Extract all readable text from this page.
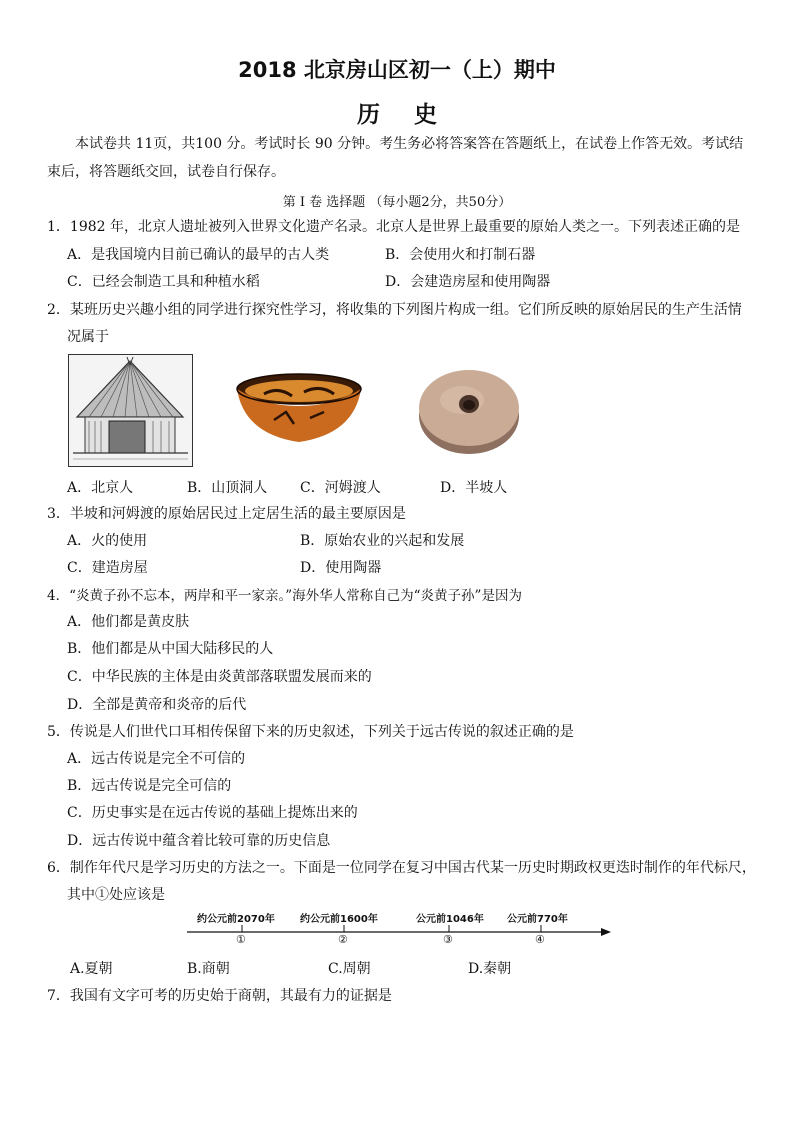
2018 北京房山区初一（上）期中
历史
本试卷共 11页，共100 分。考试时长 90 分钟。考生务必将答案答在答题纸上，在试卷上作答无效。考试结束后，将答题纸交回，试卷自行保存。
第 I 卷 选择题 （每小题2分，共50分）
1．1982 年，北京人遗址被列入世界文化遗产名录。北京人是世界上最重要的原始人类之一。下列表述正确的是
A．是我国境内目前已确认的最早的古人类	B．会使用火和打制石器
C．已经会制造工具和种植水稻	D．会建造房屋和使用陶器
2．某班历史兴趣小组的同学进行探究性学习，将收集的下列图片构成一组。它们所反映的原始居民的生产生活情
况属于
A．北京人	B．山顶洞人 C．河姆渡人	D．半坡人
3．半坡和河姆渡的原始居民过上定居生活的最主要原因是
A．火的使用	B．原始农业的兴起和发展
C．建造房屋	D．使用陶器
4．“炎黄子孙不忘本，两岸和平一家亲。”海外华人常称自己为“炎黄子孙”是因为
A．他们都是黄皮肤
B．他们都是从中国大陆移民的人
C．中华民族的主体是由炎黄部落联盟发展而来的
D．全部是黄帝和炎帝的后代
5．传说是人们世代口耳相传保留下来的历史叙述，下列关于远古传说的叙述正确的是
A．远古传说是完全不可信的
B．远古传说是完全可信的
C．历史事实是在远古传说的基础上提炼出来的
D．远古传说中蕴含着比较可靠的历史信息
6．制作年代尺是学习历史的方法之一。下面是一位同学在复习中国古代某一历史时期政权更迭时制作的年代标尺，
其中①处应该是
约公元前2070年	约公元前1600年	公元前1046年 公元前770年
①	②	③	④
A.夏朝	B.商朝	C.周朝	D.秦朝
7．我国有文字可考的历史始于商朝，其最有力的证据是
